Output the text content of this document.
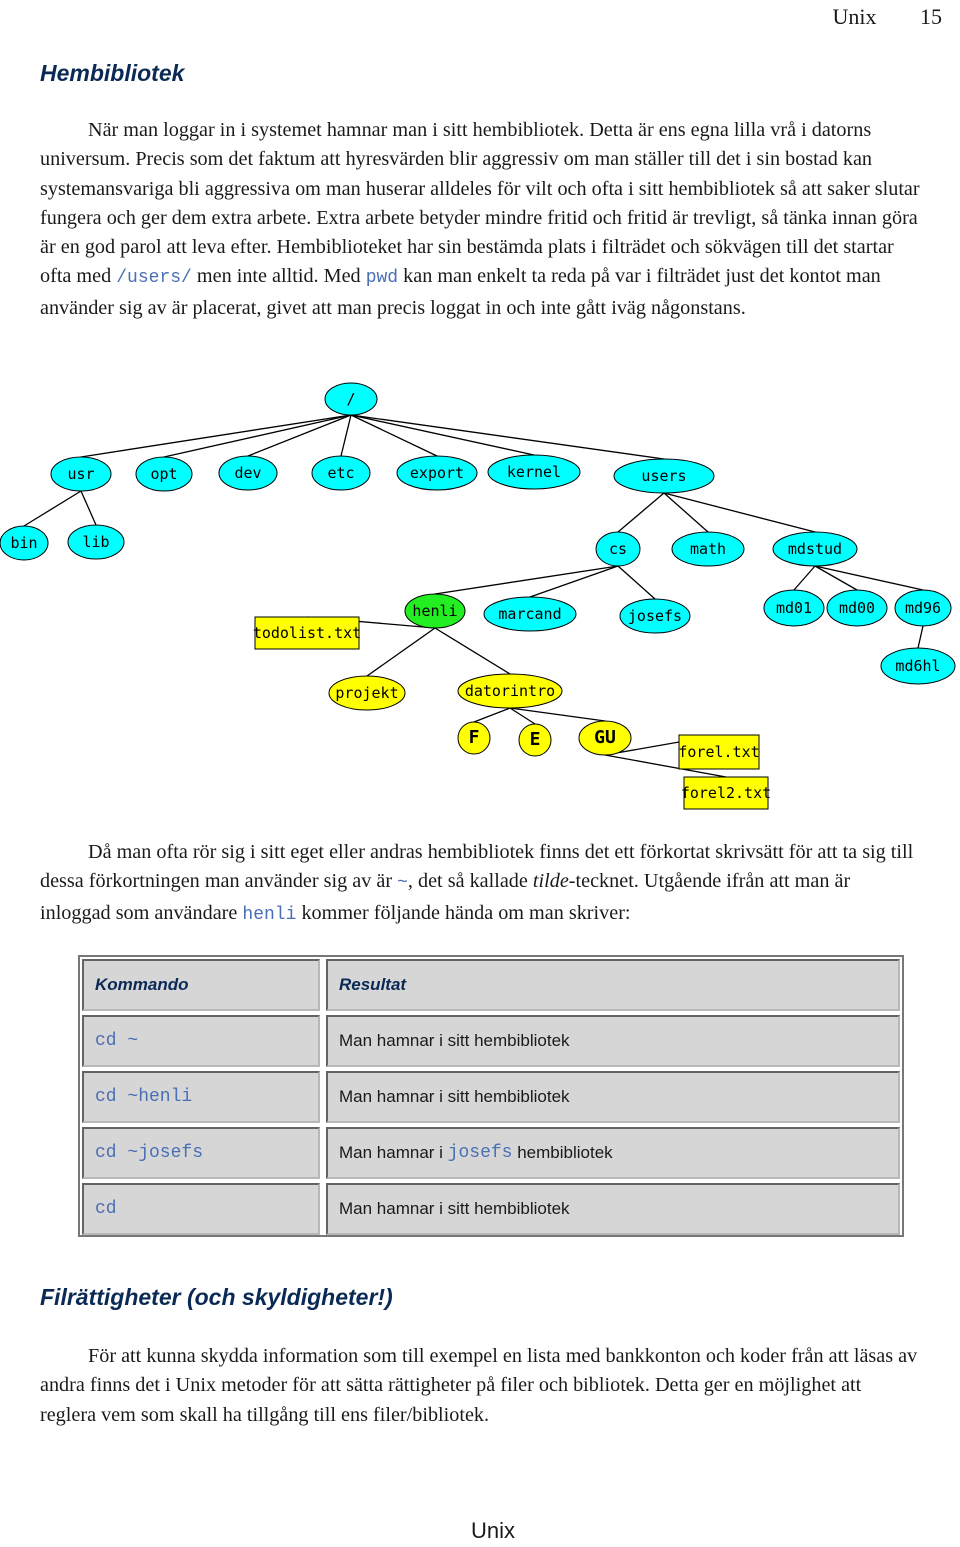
Unix 15
Hembibliotek

När man loggar in i systemet hamnar man i sitt hembibliotek. Detta är ens egna lilla vrå i datorns universum. Precis som det faktum att hyresvärden blir aggressiv om man ställer till det i sin bostad kan systemansvariga bli aggressiva om man huserar alldeles för vilt och ofta i sitt hembibliotek så att saker slutar fungera och ger dem extra arbete. Extra arbete betyder mindre fritid och fritid är trevligt, så tänka innan göra är en god parol att leva efter. Hembiblioteket har sin bestämda plats i filträdet och sökvägen till det startar ofta med /users/ men inte alltid. Med pwd kan man enkelt ta reda på var i filträdet just det kontot man använder sig av är placerat, givet att man precis loggat in och inte gått iväg någonstans.

/
usr	opt	dev	etc	export	kernel	users
bin	lib	cs	math	mdstud
henli	marcand	josefs	md01 md00 md96
md6hl
projekt	datorintro
F	E	GU
todolist.txt
forel.txt
forel2.txt

Då man ofta rör sig i sitt eget eller andras hembibliotek finns det ett förkortat skrivsätt för att ta sig till dessa förkortningen man använder sig av är ~, det så kallade tilde-tecknet. Utgående ifrån att man är inloggad som användare henli kommer följande hända om man skriver:

Kommando	Resultat
cd ~	Man hamnar i sitt hembibliotek
cd ~henli	Man hamnar i sitt hembibliotek
cd ~josefs	Man hamnar i josefs hembibliotek
cd	Man hamnar i sitt hembibliotek
Filrättigheter (och skyldigheter!)

För att kunna skydda information som till exempel en lista med bankkonton och koder från att läsas av andra finns det i Unix metoder för att sätta rättigheter på filer och bibliotek. Detta ger en möjlighet att reglera vem som skall ha tillgång till ens filer/bibliotek.

Unix
